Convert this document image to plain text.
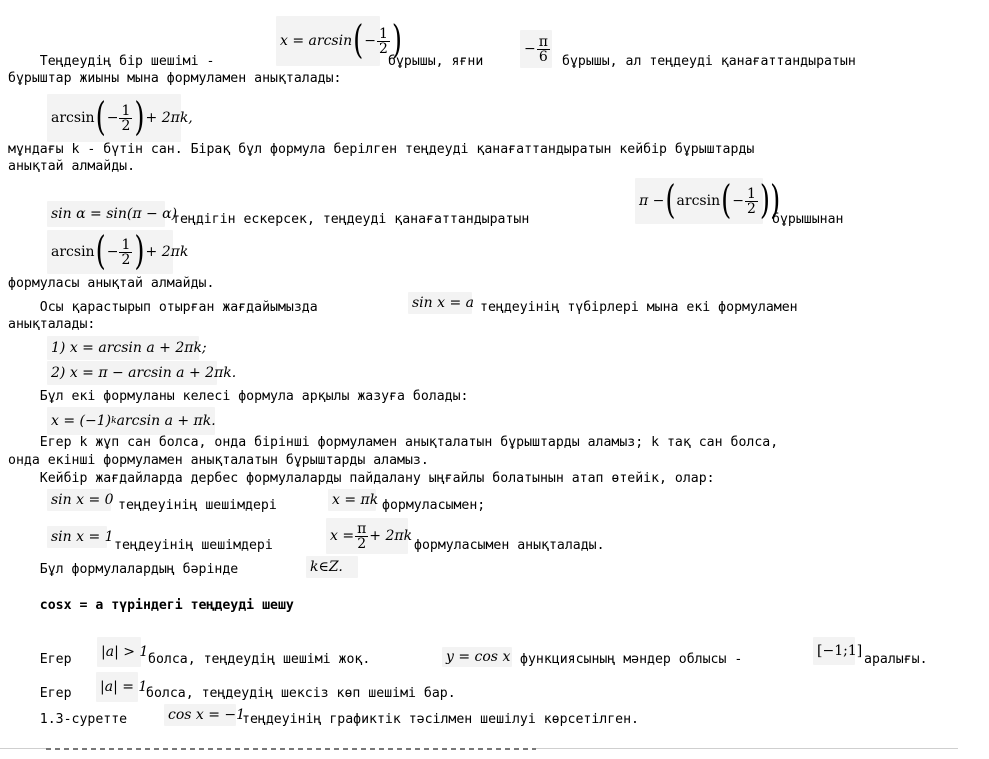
Теңдеудің бір шешімі -
x = arcsin ( − $\frac{1}{2}$ )
бұрышы, яғни
− $\frac{\pi}{6}$ бұрышы, ал теңдеуді қанағаттандыратын
бұрыштар жиыны мына формуламен анықталады:
arcsin ( − $\frac{1}{2}$ ) + 2πk,
мұндағы k - бүтін сан. Бірақ бұл формула берілген теңдеуді қанағаттандыратын кейбір бұрыштарды
анықтай алмайды.
sin α = sin(π − α)
теңдігін ескерсек, теңдеуді қанағаттандыратын
π − ( arcsin ( − $\frac{1}{2}$ ))
бұрышынан
arcsin ( − $\frac{1}{2}$ ) + 2πk
формуласы анықтай алмайды.
Осы қарастырып отырған жағдайымызда	sin x = a теңдеуінің түбірлері мына екі формуламен
анықталады:
1) x = arcsin a + 2πk;
2) x = π − arcsin a + 2πk.
Бұл екі формуланы келесі формула арқылы жазуға болады:
x = (−1) k arcsin a + πk.
Егер k жұп сан болса, онда бірінші формуламен анықталатын бұрыштарды аламыз; k тақ сан болса,
онда екінші формуламен анықталатын бұрыштарды аламыз.
Кейбір жағдайларда дербес формулаларды пайдалану ыңғайлы болатынын атап өтейік, олар:
sin x = 0 теңдеуінің шешімдері	x = πk формуласымен;
sin x = 1
теңдеуінің шешімдері
$x = \frac{\pi}{2} + 2\pi k$
формуласымен анықталады.
Бұл формулалардың бәрінде	k∈Z.
cosx = a түріндегі теңдеуді шешу
Егер |a| > 1 болса, теңдеудің шешімі жоқ.	y = cos x функциясының мәндер облысы -
[−1;1]
аралығы.
Егер |a| = 1
болса, теңдеудің шексіз көп шешімі бар.
1.3-суретте	cos x = −1
теңдеуінің графиктік тәсілмен шешілуі көрсетілген.
